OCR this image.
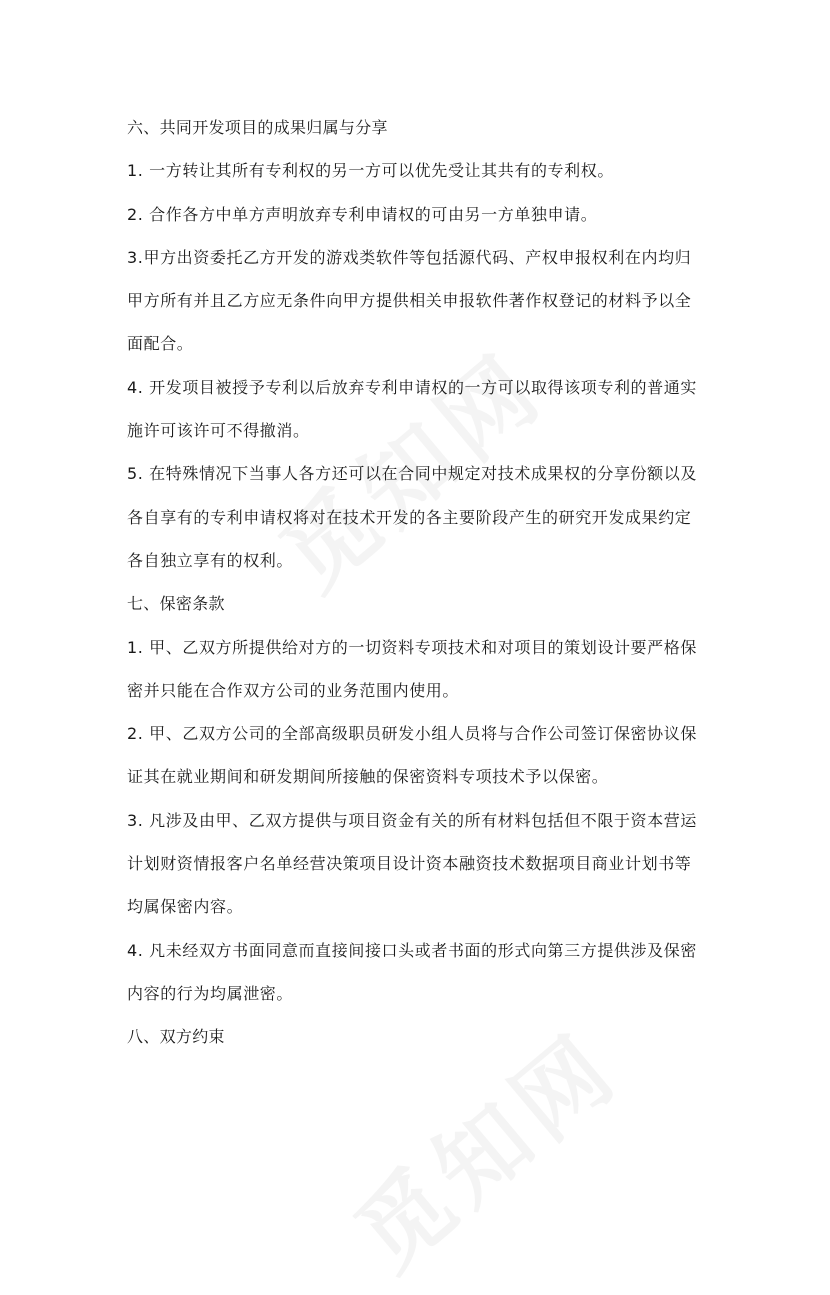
六、共同开发项目的成果归属与分享
1. 一方转让其所有专利权的另一方可以优先受让其共有的专利权。
2. 合作各方中单方声明放弃专利申请权的可由另一方单独申请。
3.甲方出资委托乙方开发的游戏类软件等包括源代码、产权申报权利在内均归
甲方所有并且乙方应无条件向甲方提供相关申报软件著作权登记的材料予以全
面配合。
4. 开发项目被授予专利以后放弃专利申请权的一方可以取得该项专利的普通实
施许可该许可不得撤消。
5. 在特殊情况下当事人各方还可以在合同中规定对技术成果权的分享份额以及
各自享有的专利申请权将对在技术开发的各主要阶段产生的研究开发成果约定
各自独立享有的权利。
七、保密条款
1. 甲、乙双方所提供给对方的一切资料专项技术和对项目的策划设计要严格保
密并只能在合作双方公司的业务范围内使用。
2. 甲、乙双方公司的全部高级职员研发小组人员将与合作公司签订保密协议保
证其在就业期间和研发期间所接触的保密资料专项技术予以保密。
3. 凡涉及由甲、乙双方提供与项目资金有关的所有材料包括但不限于资本营运
计划财资情报客户名单经营决策项目设计资本融资技术数据项目商业计划书等
均属保密内容。
4. 凡未经双方书面同意而直接间接口头或者书面的形式向第三方提供涉及保密
内容的行为均属泄密。
八、双方约束
